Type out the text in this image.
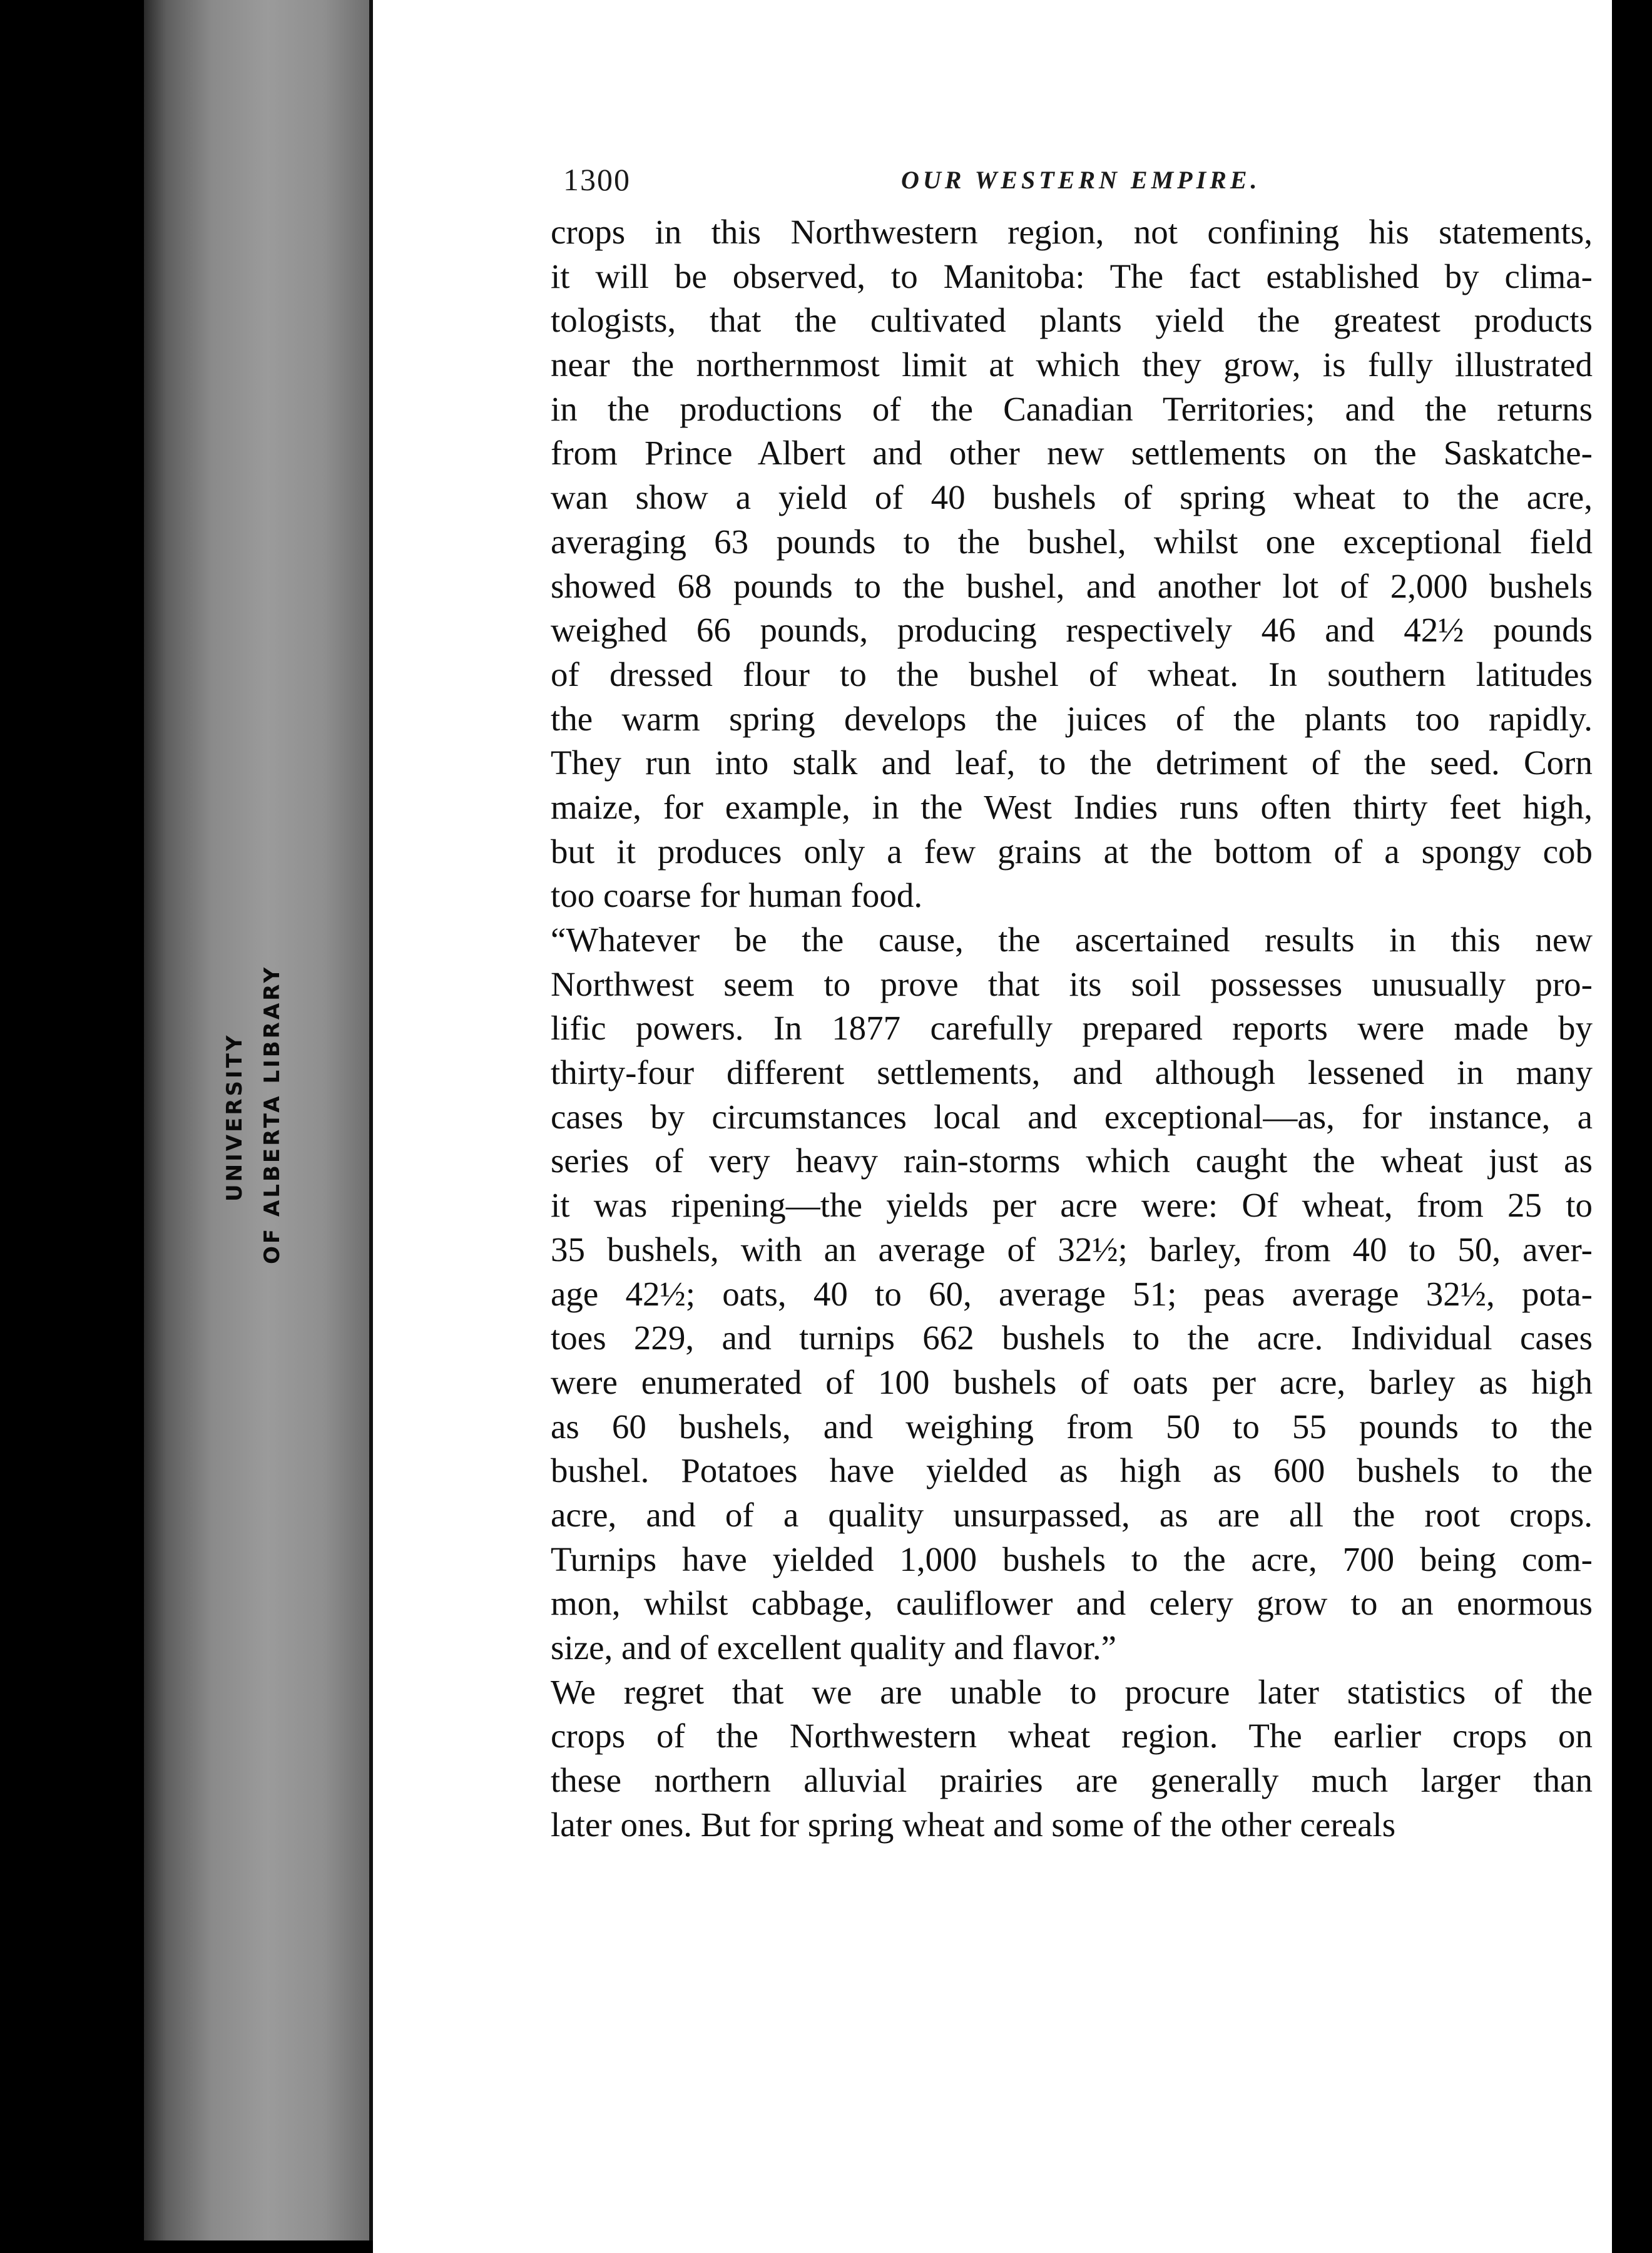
UNIVERSITY OF ALBERTA LIBRARY
1300	OUR WESTERN EMPIRE.
crops in this Northwestern region, not confining his statements,
it will be observed, to Manitoba: The fact established by clima-
tologists, that the cultivated plants yield the greatest products
near the northernmost limit at which they grow, is fully illustrated
in the productions of the Canadian Territories; and the returns
from Prince Albert and other new settlements on the Saskatche-
wan show a yield of 40 bushels of spring wheat to the acre,
averaging 63 pounds to the bushel, whilst one exceptional field
showed 68 pounds to the bushel, and another lot of 2,000 bushels
weighed 66 pounds, producing respectively 46 and 42½ pounds
of dressed flour to the bushel of wheat. In southern latitudes
the warm spring develops the juices of the plants too rapidly.
They run into stalk and leaf, to the detriment of the seed. Corn
maize, for example, in the West Indies runs often thirty feet high,
but it produces only a few grains at the bottom of a spongy cob
too coarse for human food.
“Whatever be the cause, the ascertained results in this new
Northwest seem to prove that its soil possesses unusually pro-
lific powers. In 1877 carefully prepared reports were made by
thirty-four different settlements, and although lessened in many
cases by circumstances local and exceptional—as, for instance, a
series of very heavy rain-storms which caught the wheat just as
it was ripening—the yields per acre were: Of wheat, from 25 to
35 bushels, with an average of 32½; barley, from 40 to 50, aver-
age 42½; oats, 40 to 60, average 51; peas average 32½, pota-
toes 229, and turnips 662 bushels to the acre. Individual cases
were enumerated of 100 bushels of oats per acre, barley as high
as 60 bushels, and weighing from 50 to 55 pounds to the
bushel. Potatoes have yielded as high as 600 bushels to the
acre, and of a quality unsurpassed, as are all the root crops.
Turnips have yielded 1,000 bushels to the acre, 700 being com-
mon, whilst cabbage, cauliflower and celery grow to an enormous
size, and of excellent quality and flavor.”
We regret that we are unable to procure later statistics of the
crops of the Northwestern wheat region. The earlier crops on
these northern alluvial prairies are generally much larger than
later ones. But for spring wheat and some of the other cereals
